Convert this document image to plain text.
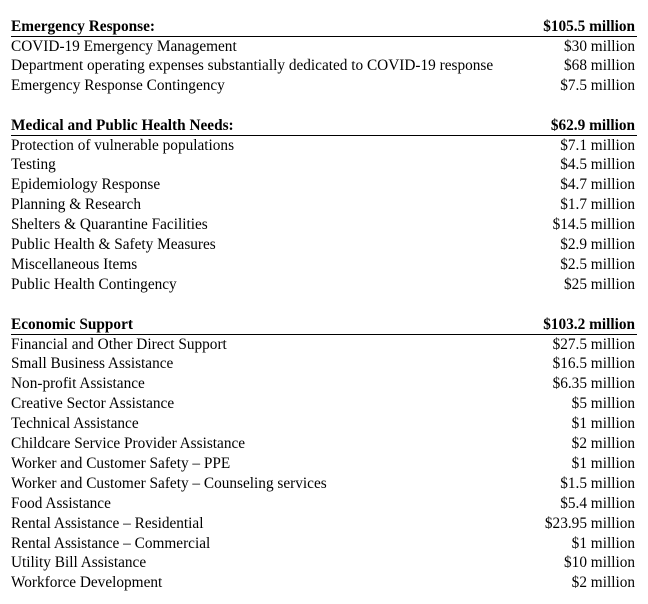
Emergency Response:	$105.5 million
COVID-19 Emergency Management	$30 million
Department operating expenses substantially dedicated to COVID-19 response	$68 million
Emergency Response Contingency	$7.5 million
Medical and Public Health Needs:	$62.9 million
Protection of vulnerable populations	$7.1 million
Testing	$4.5 million
Epidemiology Response	$4.7 million
Planning & Research	$1.7 million
Shelters & Quarantine Facilities	$14.5 million
Public Health & Safety Measures	$2.9 million
Miscellaneous Items	$2.5 million
Public Health Contingency	$25 million
Economic Support	$103.2 million
Financial and Other Direct Support	$27.5 million
Small Business Assistance	$16.5 million
Non-profit Assistance	$6.35 million
Creative Sector Assistance	$5 million
Technical Assistance	$1 million
Childcare Service Provider Assistance	$2 million
Worker and Customer Safety – PPE	$1 million
Worker and Customer Safety – Counseling services	$1.5 million
Food Assistance	$5.4 million
Rental Assistance – Residential	$23.95 million
Rental Assistance – Commercial	$1 million
Utility Bill Assistance	$10 million
Workforce Development	$2 million
